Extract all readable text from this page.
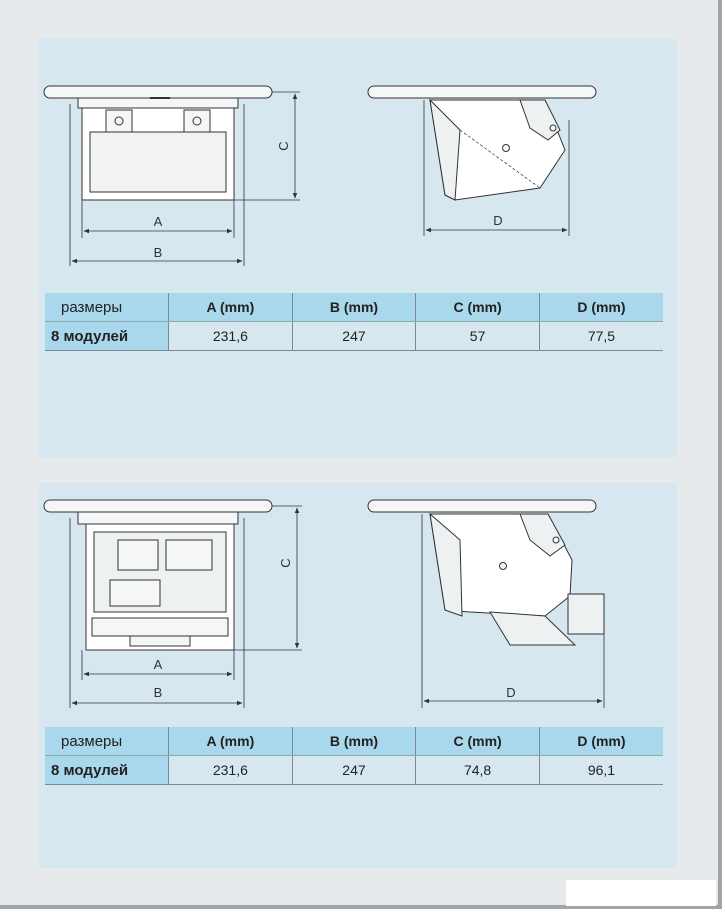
A
B
C
D
A
B
C
D
размеры	A (mm)	B (mm)	C (mm)	D (mm)
8 модулей	231,6	247	57	77,5
размеры	A (mm)	B (mm)	C (mm)	D (mm)
8 модулей	231,6	247	74,8	96,1
